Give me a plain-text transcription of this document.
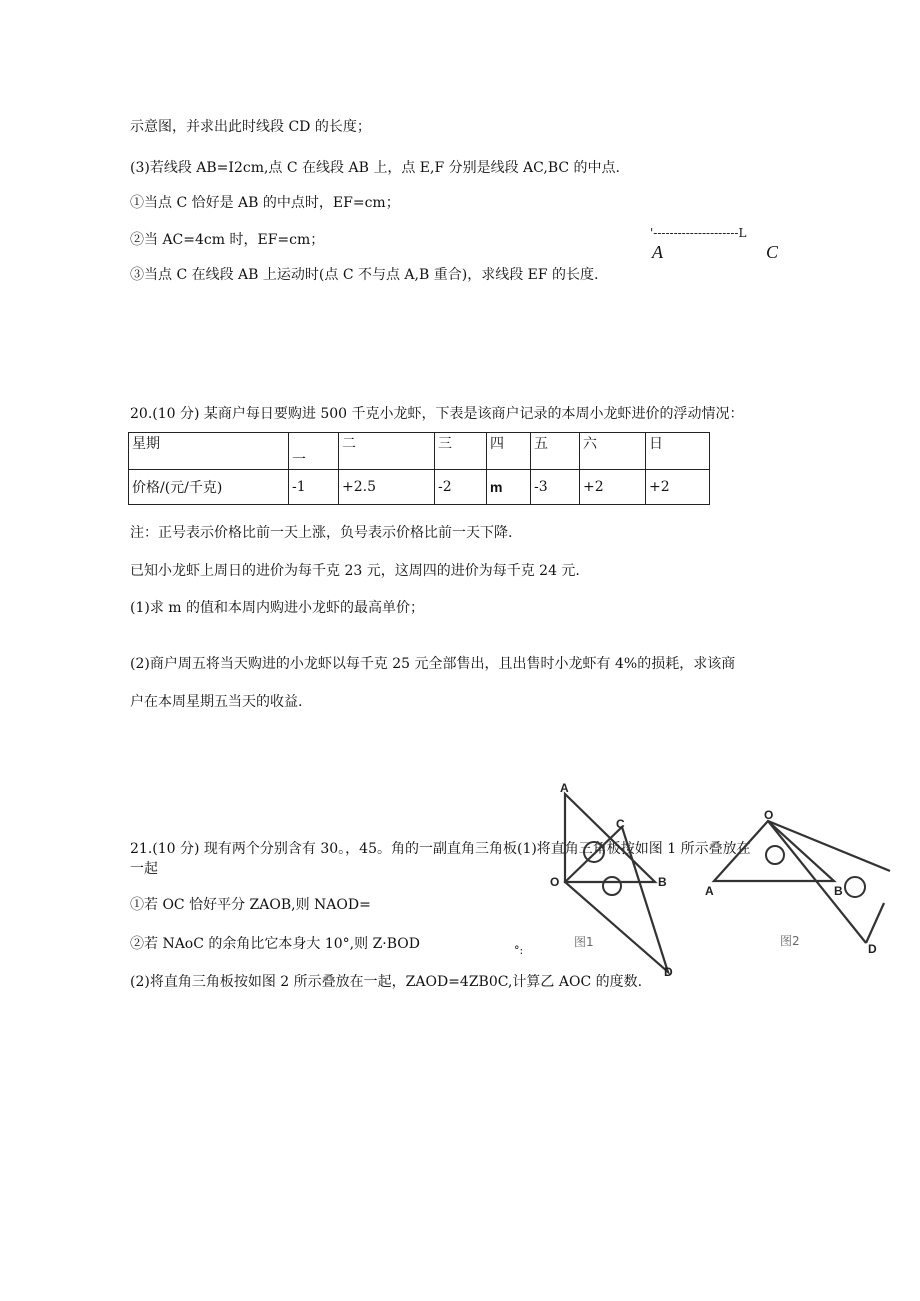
示意图，并求出此时线段 CD 的长度；
(3)若线段 AB=I2cm,点 C 在线段 AB 上，点 E,F 分别是线段 AC,BC 的中点.
①当点 C 恰好是 AB 的中点时，EF=cm；
②当 AC=4cm 时，EF=cm；
③当点 C 在线段 AB 上运动时(点 C 不与点 A,B 重合)，求线段 EF 的长度.
'---------------------L
A	C
20.(10 分) 某商户每日要购进 500 千克小龙虾，下表是该商户记录的本周小龙虾进价的浮动情况：
星期	一	二	三	四	五	六	日
价格/(元/千克)	-1	+2.5	-2	m	-3	+2	+2
注：正号表示价格比前一天上涨，负号表示价格比前一天下降.
已知小龙虾上周日的进价为每千克 23 元，这周四的进价为每千克 24 元.
(1)求 m 的值和本周内购进小龙虾的最高单价；
(2)商户周五将当天购进的小龙虾以每千克 25 元全部售出，且出售时小龙虾有 4%的损耗，求该商
户在本周星期五当天的收益.
21.(10 分) 现有两个分别含有 30。，45。角的一副直角三角板(1)将直角三角板按如图 1 所示叠放在
一起
①若 OC 恰好平分 ZAOB,则 NAOD=
②若 NAoC 的余角比它本身大 10°,则 Z·BOD	°:
(2)将直角三角板按如图 2 所示叠放在一起，ZAOD=4ZB0C,计算乙 AOC 的度数.
A
C
O	B
D
图1
O
A	B
D
图2
